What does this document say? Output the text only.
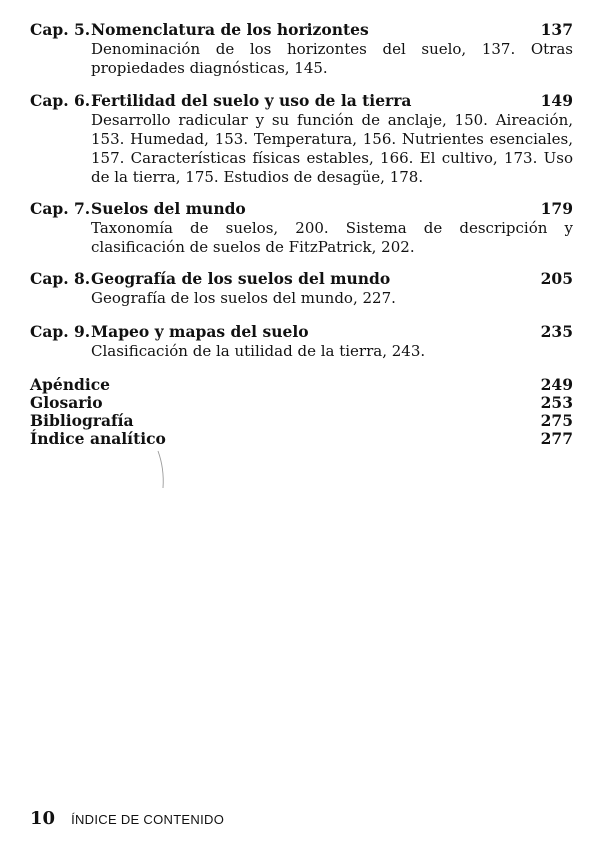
Cap. 5. Nomenclatura de los horizontes	137
Denominación de los horizontes del suelo, 137. Otras propiedades diagnósticas, 145.
Cap. 6. Fertilidad del suelo y uso de la tierra	149
Desarrollo radicular y su función de anclaje, 150. Aireación, 153. Humedad, 153. Temperatura, 156. Nutrientes esenciales, 157. Características físicas estables, 166. El cultivo, 173. Uso de la tierra, 175. Estudios de desagüe, 178.
Cap. 7. Suelos del mundo	179
Taxonomía de suelos, 200. Sistema de descripción y clasificación de suelos de FitzPatrick, 202.
Cap. 8. Geografía de los suelos del mundo	205
Geografía de los suelos del mundo, 227.
Cap. 9. Mapeo y mapas del suelo	235
Clasificación de la utilidad de la tierra, 243.
Apéndice	249
Glosario	253
Bibliografía	275
Índice analítico	277
10 ÍNDICE DE CONTENIDO
